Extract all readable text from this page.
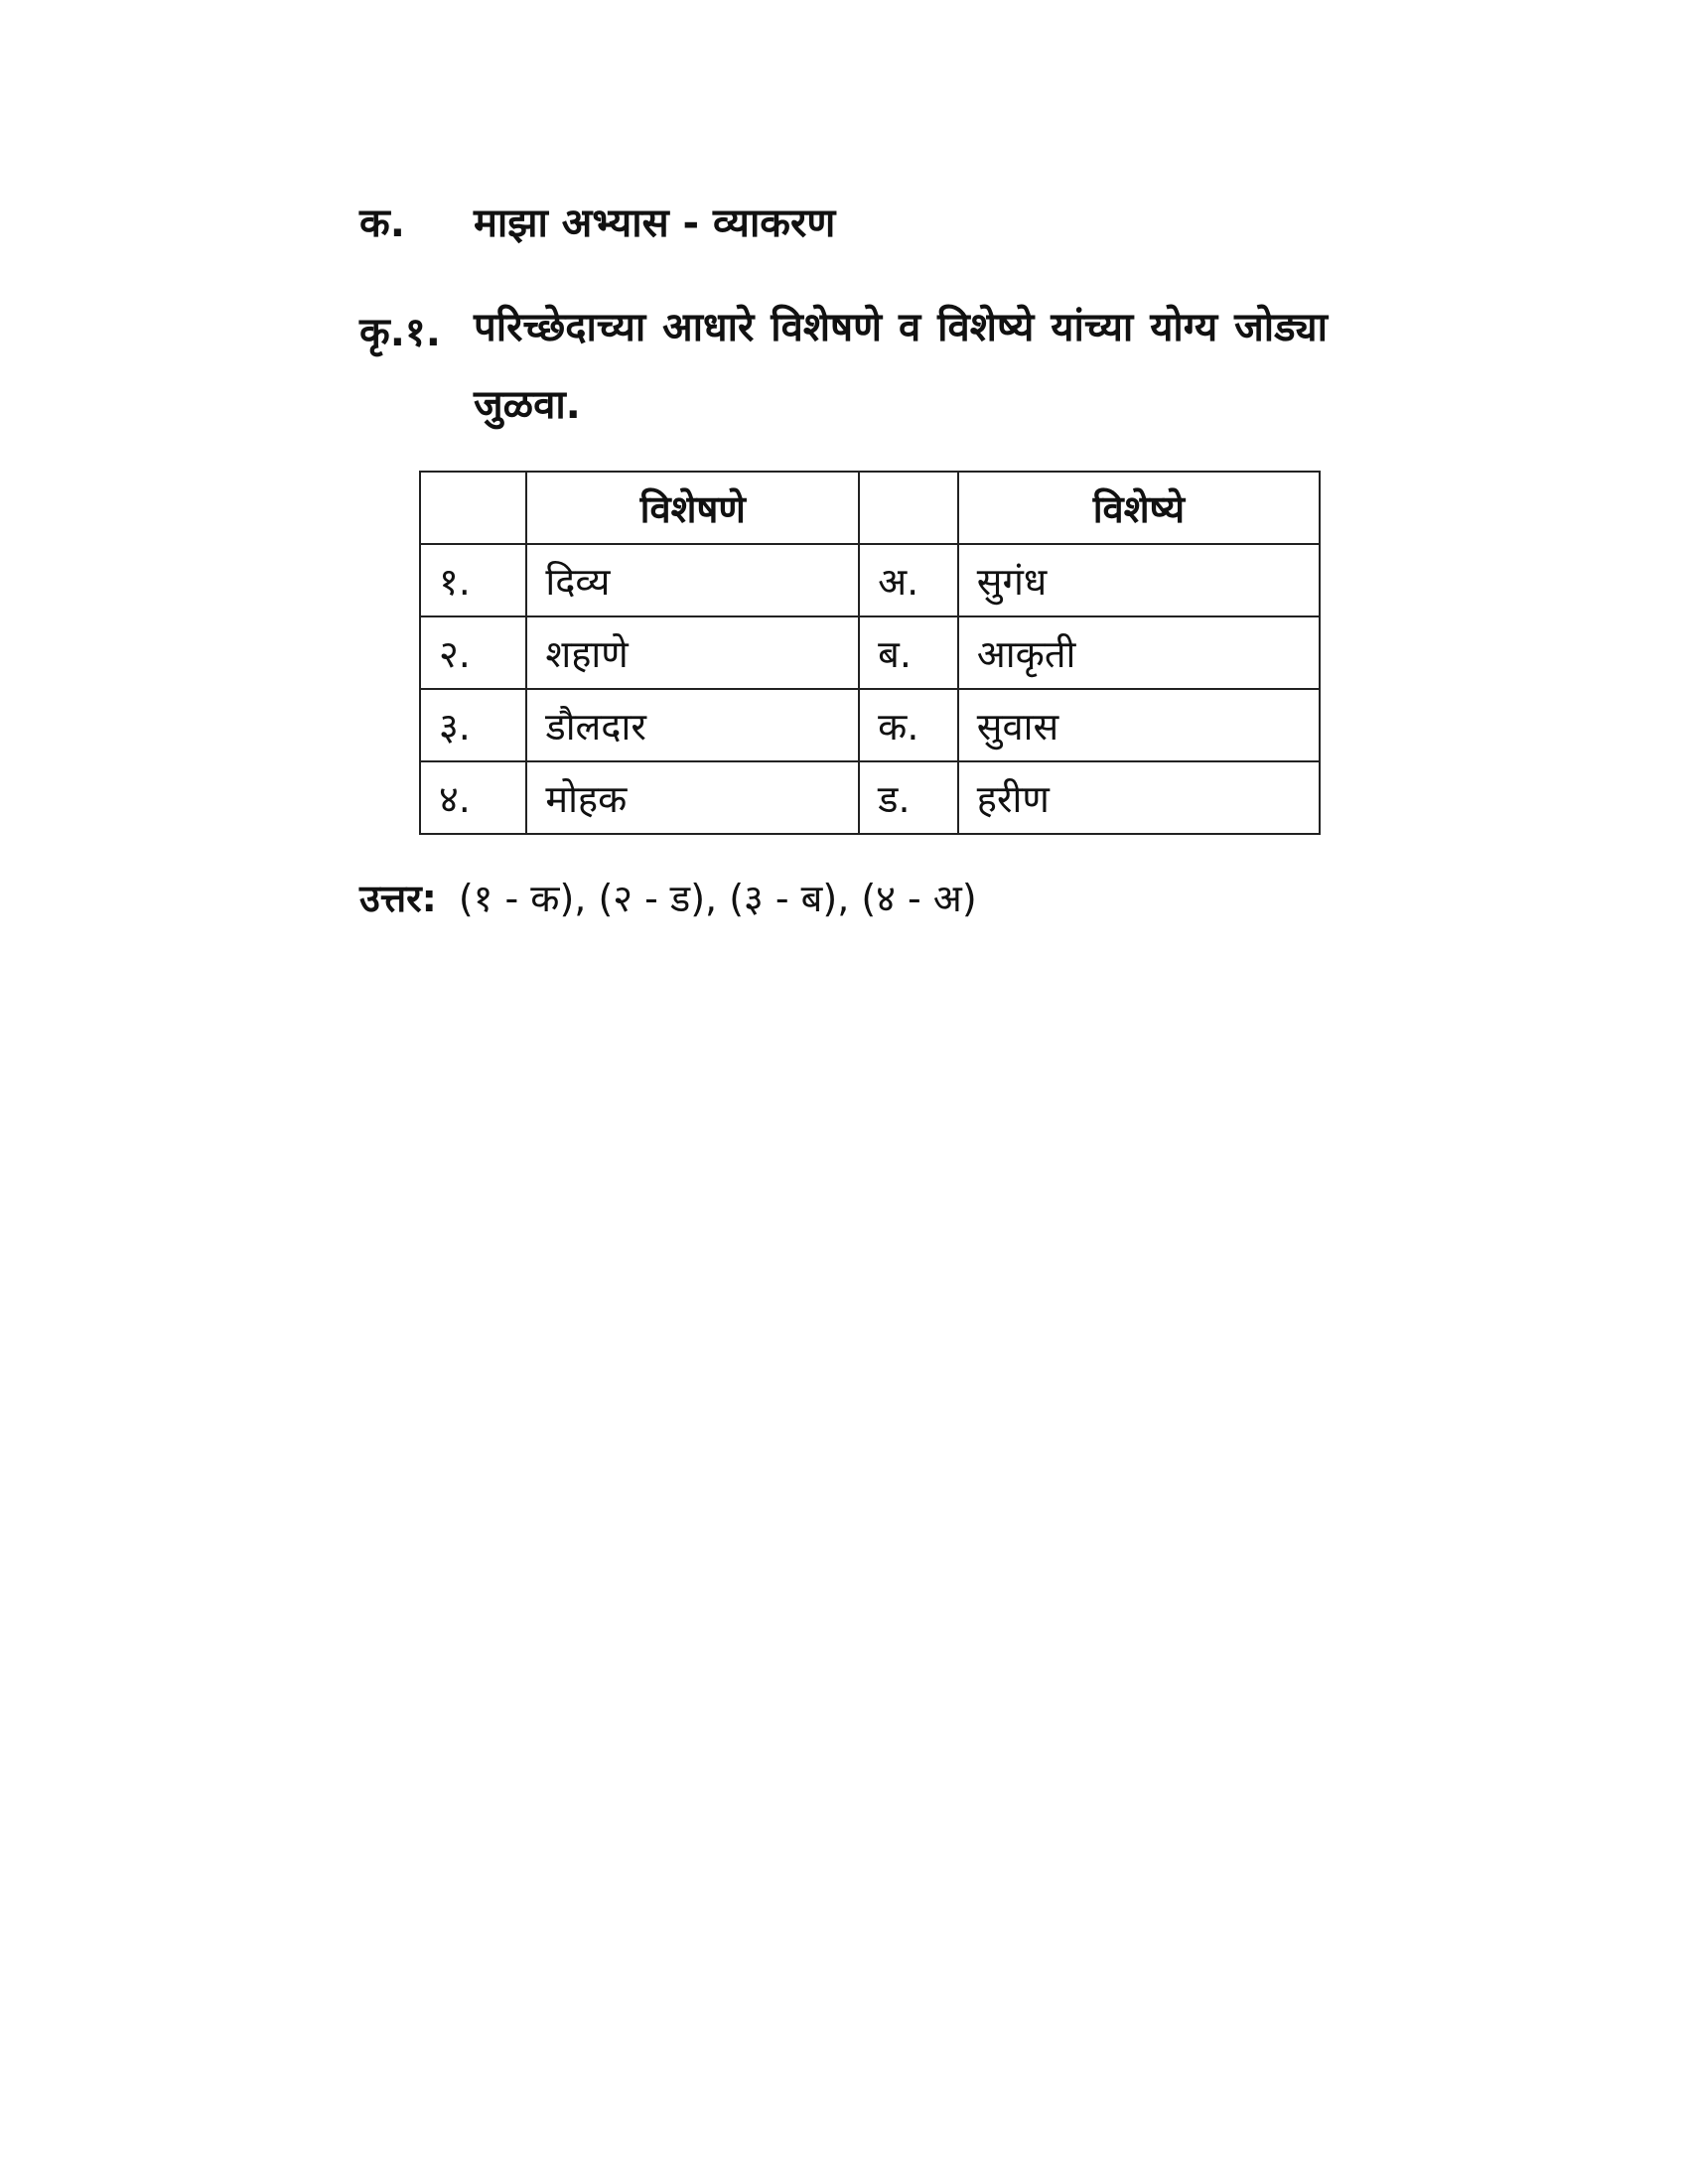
क.	माझा अभ्यास - व्याकरण
कृ.१. परिच्छेदाच्या आधारे विशेषणे व विशेष्ये यांच्या योग्य जोड्या जुळवा.
	विशेषणे		विशेष्ये
१.	दिव्य	अ.	सुगंध
२.	शहाणे	ब.	आकृती
३.	डौलदार	क.	सुवास
४.	मोहक	ड.	हरीण
उत्तर: (१ - क), (२ - ड), (३ - ब), (४ - अ)
